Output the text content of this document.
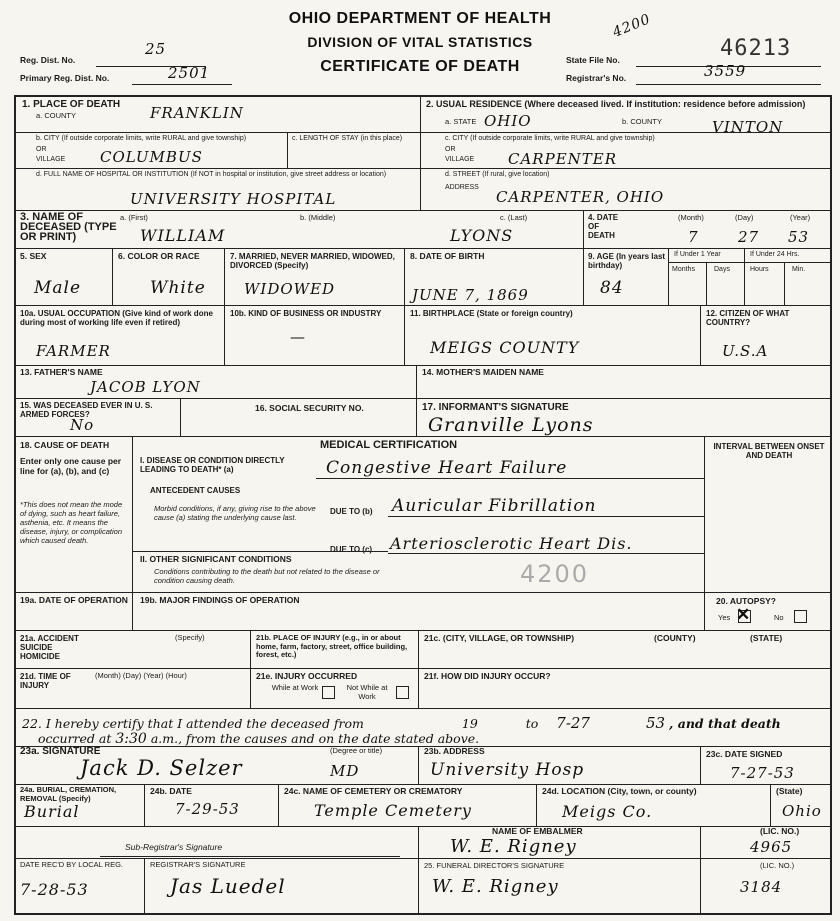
OHIO DEPARTMENT OF HEALTH
DIVISION OF VITAL STATISTICS
CERTIFICATE OF DEATH
Reg. Dist. No.
25
Primary Reg. Dist. No.	2501
State File No.
4200
46213
Registrar's No.	3559
1. PLACE OF DEATH
a. COUNTY	FRANKLIN
b. CITY (If outside corporate limits, write RURAL and give township)
OR
VILLAGE COLUMBUS
c. LENGTH OF STAY (in this place)
d. FULL NAME OF HOSPITAL OR INSTITUTION (If NOT in hospital or institution, give street address or location)
UNIVERSITY HOSPITAL
2. USUAL RESIDENCE (Where deceased lived. If institution: residence before admission)
a. STATE OHIO	b. COUNTY	VINTON
c. CITY (If outside corporate limits, write RURAL and give township)
OR
VILLAGE CARPENTER
d. STREET (If rural, give location)
ADDRESS
CARPENTER, OHIO
3. NAME OF DECEASED (TYPE OR PRINT)
a. (First)	b. (Middle)	c. (Last)
WILLIAM	LYONS
4. DATE OF DEATH
(Month)	(Day)	(Year)
7	27 53
5. SEX
Male
6. COLOR OR RACE
White
7. MARRIED, NEVER MARRIED, WIDOWED, DIVORCED (Specify)
WIDOWED
8. DATE OF BIRTH
JUNE 7, 1869
9. AGE (In years last birthday)
84
If Under 1 Year	If Under 24 Hrs.
Months	Days	Hours	Min.
10a. USUAL OCCUPATION (Give kind of work done during most of working life even if retired)
FARMER
10b. KIND OF BUSINESS OR INDUSTRY
—
11. BIRTHPLACE (State or foreign country)
MEIGS COUNTY
12. CITIZEN OF WHAT COUNTRY?
U.S.A
13. FATHER'S NAME
JACOB LYON
14. MOTHER'S MAIDEN NAME
15. WAS DECEASED EVER IN U. S. ARMED FORCES?
No
16. SOCIAL SECURITY NO.	17. INFORMANT'S SIGNATURE
Granville Lyons
18. CAUSE OF DEATH
Enter only one cause per line for (a), (b), and (c)
*This does not mean the mode of dying, such as heart failure, asthenia, etc. It means the disease, injury, or complication which caused death.
MEDICAL CERTIFICATION	INTERVAL BETWEEN ONSET AND DEATH
I. DISEASE OR CONDITION DIRECTLY LEADING TO DEATH* (a)	Congestive Heart Failure
ANTECEDENT CAUSES
Morbid conditions, if any, giving rise to the above cause (a) stating the underlying cause last.
DUE TO (b) Auricular Fibrillation
DUE TO (c) Arteriosclerotic Heart Dis.
II. OTHER SIGNIFICANT CONDITIONS
Conditions contributing to the death but not related to the disease or condition causing death.	4200
19a. DATE OF OPERATION 19b. MAJOR FINDINGS OF OPERATION	20. AUTOPSY?
Yes ✕	No
21a. ACCIDENT SUICIDE HOMICIDE
(Specify)	21b. PLACE OF INJURY (e.g., in or about home, farm, factory, street, office building, forest, etc.)
21c. (CITY, VILLAGE, OR TOWNSHIP)	(COUNTY)	(STATE)
21d. TIME OF INJURY
(Month) (Day) (Year) (Hour)	21e. INJURY OCCURRED
While at Work	Not While at Work
21f. HOW DID INJURY OCCUR?
22. I hereby certify that I attended the deceased from	19	to 7-27	53 , and that death
occurred at 3:30 a.m., from the causes and on the date stated above.
23a. SIGNATURE	(Degree or title)
Jack D. Selzer	MD
23b. ADDRESS
University Hosp
23c. DATE SIGNED
7-27-53
24a. BURIAL, CREMATION, REMOVAL (Specify)
Burial
24b. DATE
7-29-53
24c. NAME OF CEMETERY OR CREMATORY
Temple Cemetery
24d. LOCATION (City, town, or county)
Meigs Co.
(State)
Ohio
NAME OF EMBALMER
W. E. Rigney
(LIC. NO.)
4965
Sub-Registrar's Signature
DATE REC'D BY LOCAL REG.
7-28-53
REGISTRAR'S SIGNATURE
Jas Luedel
25. FUNERAL DIRECTOR'S SIGNATURE
W. E. Rigney
(LIC. NO.)
3184
